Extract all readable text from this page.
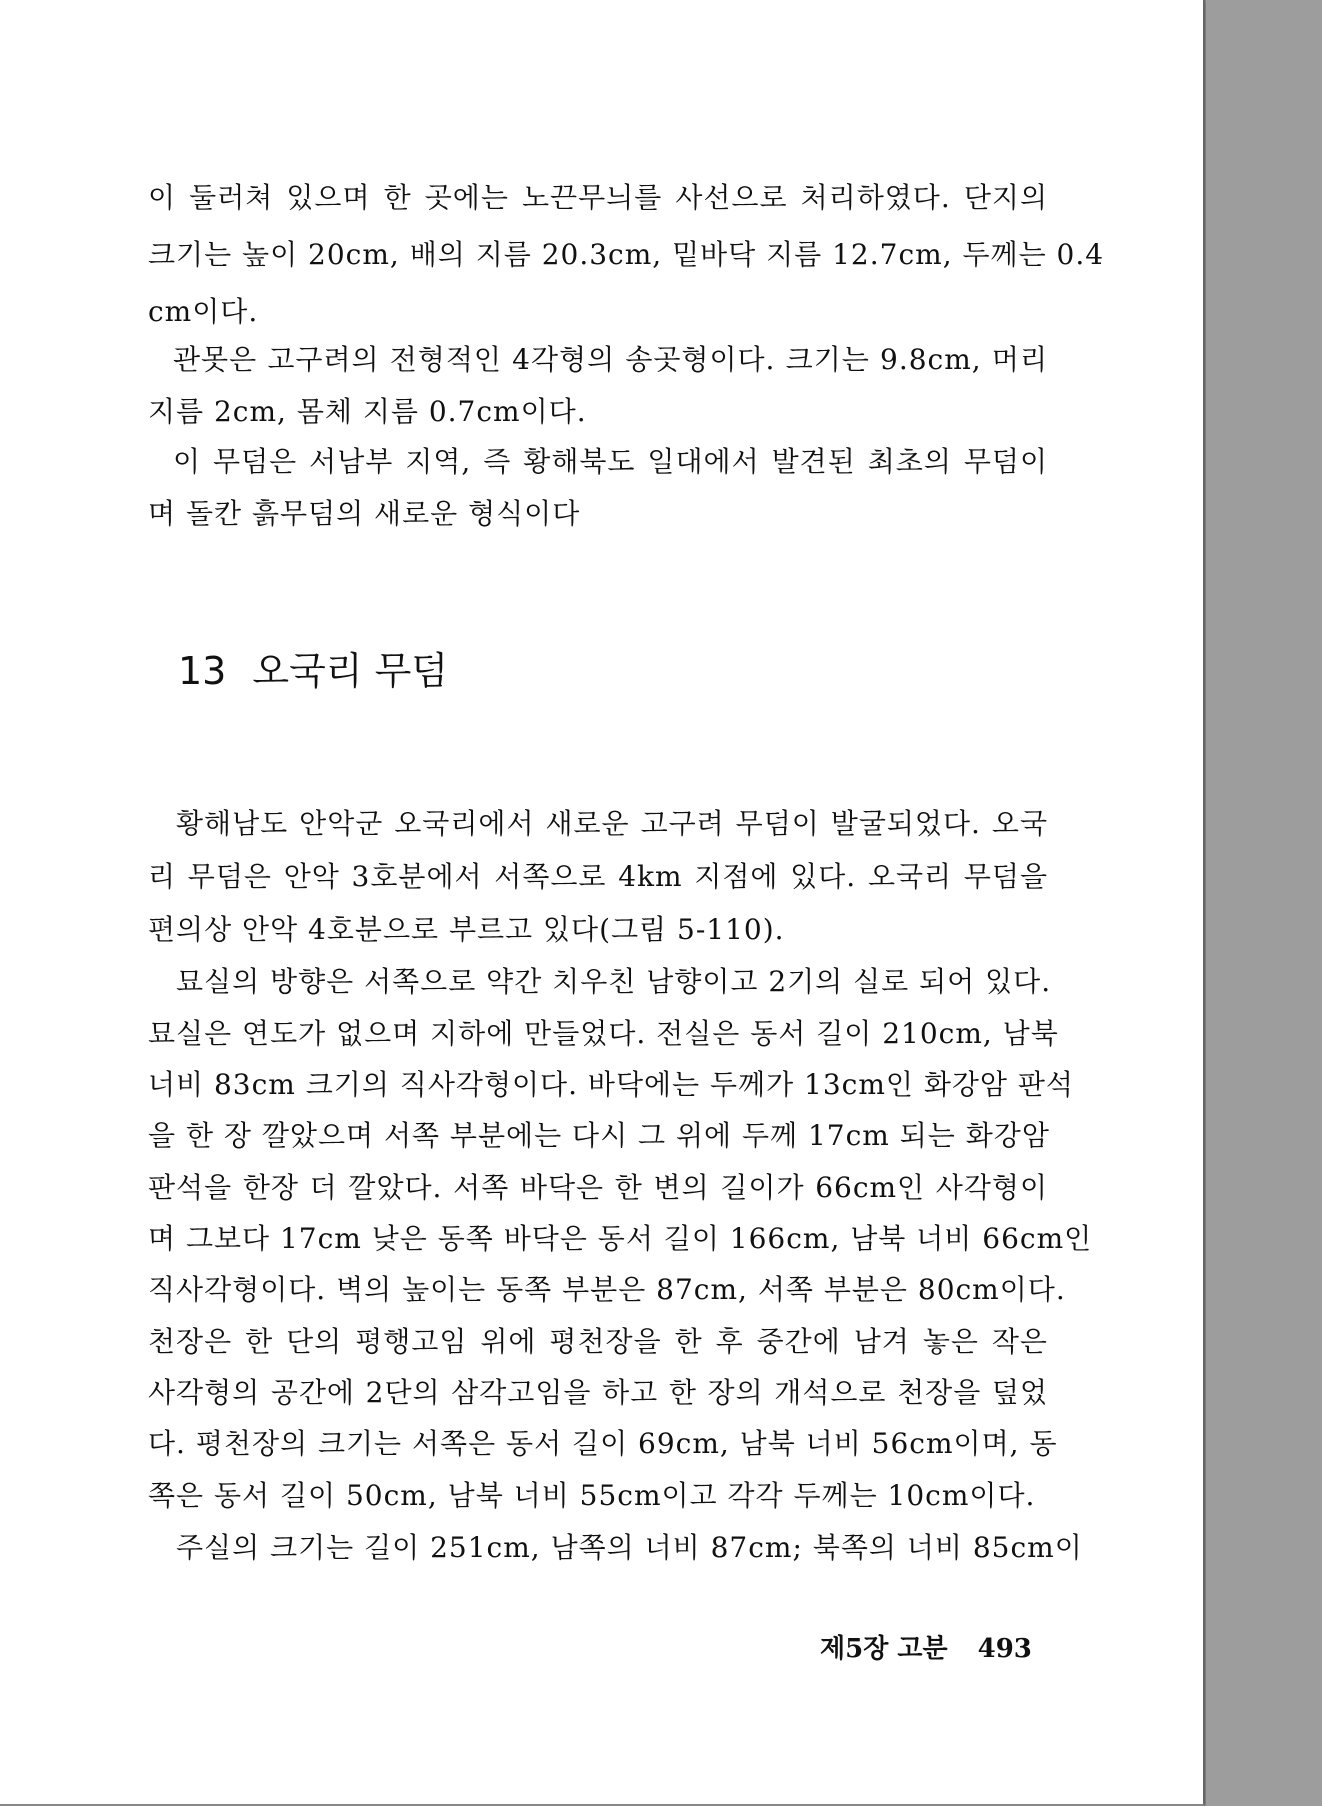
이 둘러쳐 있으며 한 곳에는 노끈무늬를 사선으로 처리하였다. 단지의
크기는 높이 20cm, 배의 지름 20.3cm, 밑바닥 지름 12.7cm, 두께는 0.4
cm이다.
관못은 고구려의 전형적인 4각형의 송곳형이다. 크기는 9.8cm, 머리
지름 2cm, 몸체 지름 0.7cm이다.
이 무덤은 서남부 지역, 즉 황해북도 일대에서 발견된 최초의 무덤이
며 돌칸 흙무덤의 새로운 형식이다
13 오국리 무덤
황해남도 안악군 오국리에서 새로운 고구려 무덤이 발굴되었다. 오국
리 무덤은 안악 3호분에서 서쪽으로 4km 지점에 있다. 오국리 무덤을
편의상 안악 4호분으로 부르고 있다(그림 5-110).
묘실의 방향은 서쪽으로 약간 치우친 남향이고 2기의 실로 되어 있다.
묘실은 연도가 없으며 지하에 만들었다. 전실은 동서 길이 210cm, 남북
너비 83cm 크기의 직사각형이다. 바닥에는 두께가 13cm인 화강암 판석
을 한 장 깔았으며 서쪽 부분에는 다시 그 위에 두께 17cm 되는 화강암
판석을 한장 더 깔았다. 서쪽 바닥은 한 변의 길이가 66cm인 사각형이
며 그보다 17cm 낮은 동쪽 바닥은 동서 길이 166cm, 남북 너비 66cm인
직사각형이다. 벽의 높이는 동쪽 부분은 87cm, 서쪽 부분은 80cm이다.
천장은 한 단의 평행고임 위에 평천장을 한 후 중간에 남겨 놓은 작은
사각형의 공간에 2단의 삼각고임을 하고 한 장의 개석으로 천장을 덮었
다. 평천장의 크기는 서쪽은 동서 길이 69cm, 남북 너비 56cm이며, 동
쪽은 동서 길이 50cm, 남북 너비 55cm이고 각각 두께는 10cm이다.
주실의 크기는 길이 251cm, 남쪽의 너비 87cm; 북쪽의 너비 85cm이
제5장 고분 493
